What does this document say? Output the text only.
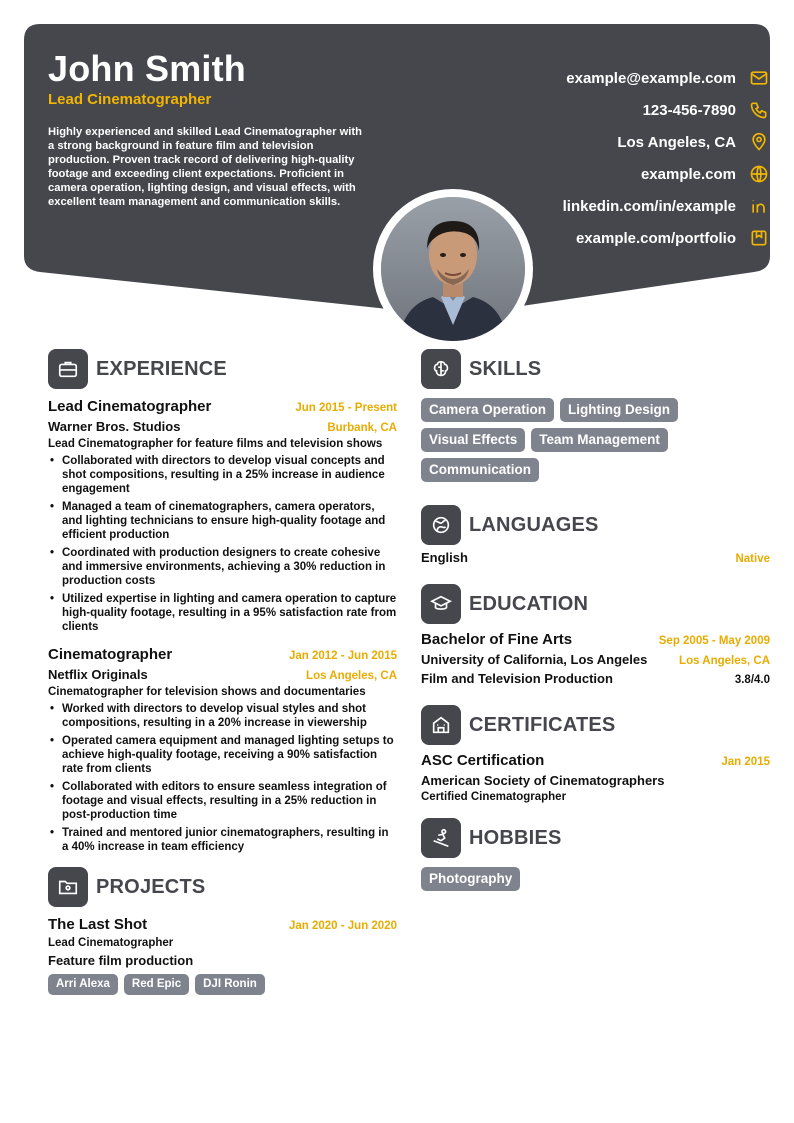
John Smith
Lead Cinematographer
Highly experienced and skilled Lead Cinematographer with a strong background in feature film and television production. Proven track record of delivering high-quality footage and exceeding client expectations. Proficient in camera operation, lighting design, and visual effects, with excellent team management and communication skills.
example@example.com
123-456-7890
Los Angeles, CA
example.com
linkedin.com/in/example
example.com/portfolio
EXPERIENCE
Lead Cinematographer	Jun 2015 - Present
Warner Bros. Studios	Burbank, CA
Lead Cinematographer for feature films and television shows
• Collaborated with directors to develop visual concepts and shot compositions, resulting in a 25% increase in audience engagement
• Managed a team of cinematographers, camera operators, and lighting technicians to ensure high-quality footage and efficient production
• Coordinated with production designers to create cohesive and immersive environments, achieving a 30% reduction in production costs
• Utilized expertise in lighting and camera operation to capture high-quality footage, resulting in a 95% satisfaction rate from clients
Cinematographer	Jan 2012 - Jun 2015
Netflix Originals	Los Angeles, CA
Cinematographer for television shows and documentaries
• Worked with directors to develop visual styles and shot compositions, resulting in a 20% increase in viewership
• Operated camera equipment and managed lighting setups to achieve high-quality footage, receiving a 90% satisfaction rate from clients
• Collaborated with editors to ensure seamless integration of footage and visual effects, resulting in a 25% reduction in post-production time
• Trained and mentored junior cinematographers, resulting in a 40% increase in team efficiency
PROJECTS
The Last Shot	Jan 2020 - Jun 2020
Lead Cinematographer
Feature film production
Arri Alexa	Red Epic	DJI Ronin
SKILLS
Camera Operation	Lighting Design
Visual Effects	Team Management
Communication
LANGUAGES
English	Native
EDUCATION
Bachelor of Fine Arts	Sep 2005 - May 2009
University of California, Los Angeles	Los Angeles, CA
Film and Television Production	3.8/4.0
CERTIFICATES
ASC Certification	Jan 2015
American Society of Cinematographers
Certified Cinematographer
HOBBIES
Photography
